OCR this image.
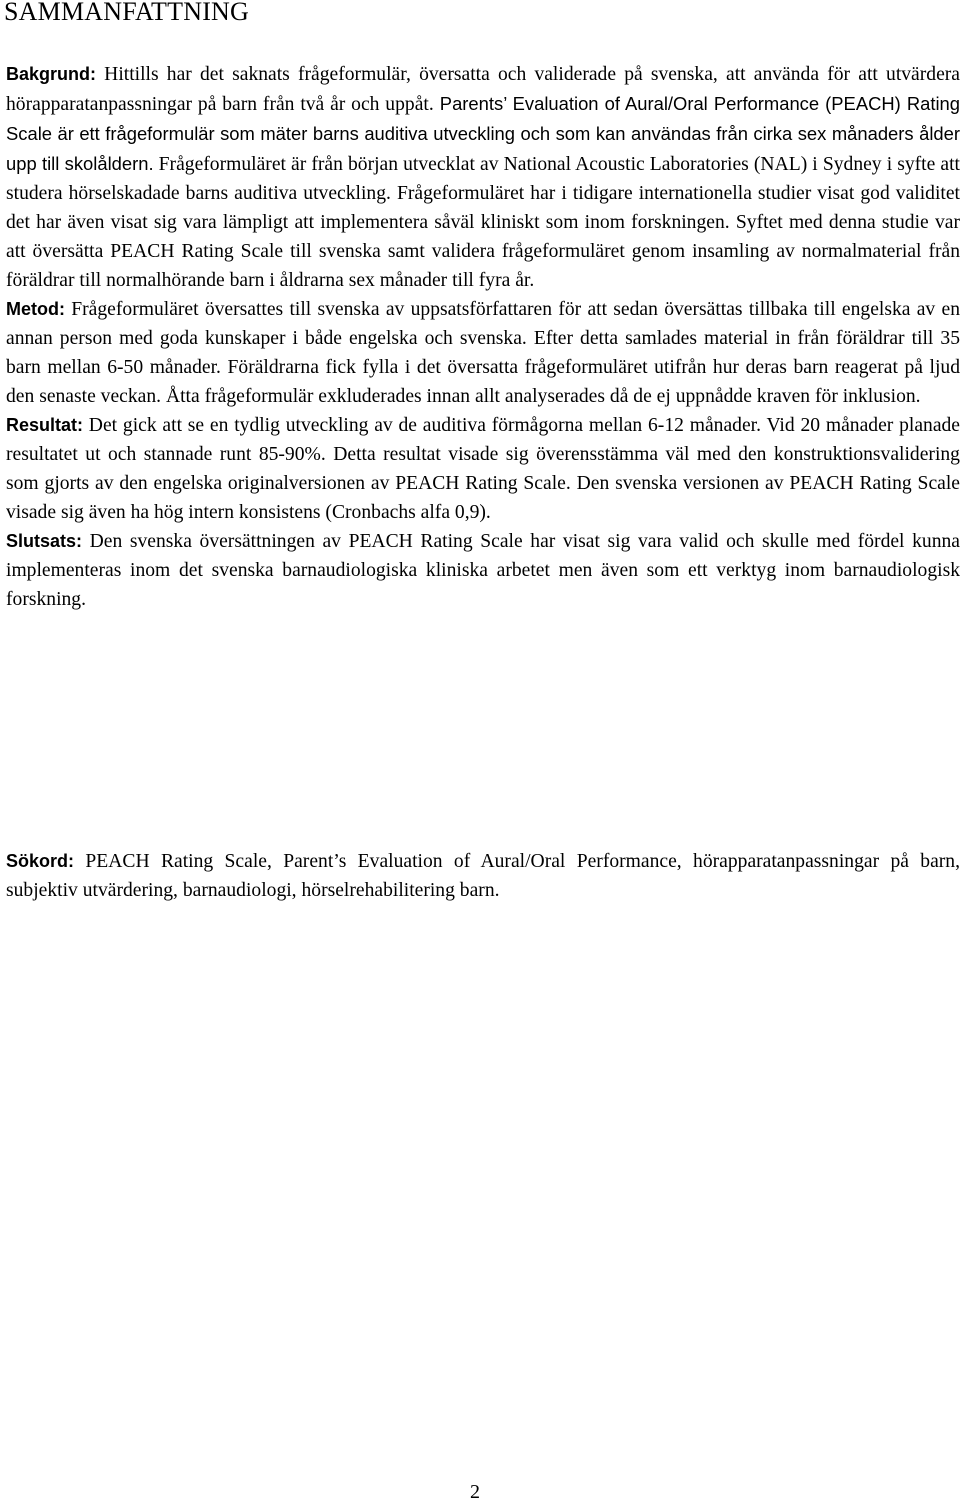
SAMMANFATTNING

Bakgrund: Hittills har det saknats frågeformulär, översatta och validerade på svenska, att använda för att utvärdera hörapparatanpassningar på barn från två år och uppåt. Parents’ Evaluation of Aural/Oral Performance (PEACH) Rating Scale är ett frågeformulär som mäter barns auditiva utveckling och som kan användas från cirka sex månaders ålder upp till skolåldern. Frågeformuläret är från början utvecklat av National Acoustic Laboratories (NAL) i Sydney i syfte att studera hörselskadade barns auditiva utveckling. Frågeformuläret har i tidigare internationella studier visat god validitet det har även visat sig vara lämpligt att implementera såväl kliniskt som inom forskningen. Syftet med denna studie var att översätta PEACH Rating Scale till svenska samt validera frågeformuläret genom insamling av normalmaterial från föräldrar till normalhörande barn i åldrarna sex månader till fyra år.

Metod: Frågeformuläret översattes till svenska av uppsatsförfattaren för att sedan översättas tillbaka till engelska av en annan person med goda kunskaper i både engelska och svenska. Efter detta samlades material in från föräldrar till 35 barn mellan 6-50 månader. Föräldrarna fick fylla i det översatta frågeformuläret utifrån hur deras barn reagerat på ljud den senaste veckan. Åtta frågeformulär exkluderades innan allt analyserades då de ej uppnådde kraven för inklusion.

Resultat: Det gick att se en tydlig utveckling av de auditiva förmågorna mellan 6-12 månader. Vid 20 månader planade resultatet ut och stannade runt 85-90%. Detta resultat visade sig överensstämma väl med den konstruktionsvalidering som gjorts av den engelska originalversionen av PEACH Rating Scale. Den svenska versionen av PEACH Rating Scale visade sig även ha hög intern konsistens (Cronbachs alfa 0,9).

Slutsats: Den svenska översättningen av PEACH Rating Scale har visat sig vara valid och skulle med fördel kunna implementeras inom det svenska barnaudiologiska kliniska arbetet men även som ett verktyg inom barnaudiologisk forskning.

Sökord: PEACH Rating Scale, Parent’s Evaluation of Aural/Oral Performance, hörapparatanpassningar på barn, subjektiv utvärdering, barnaudiologi, hörselrehabilitering barn.

2
